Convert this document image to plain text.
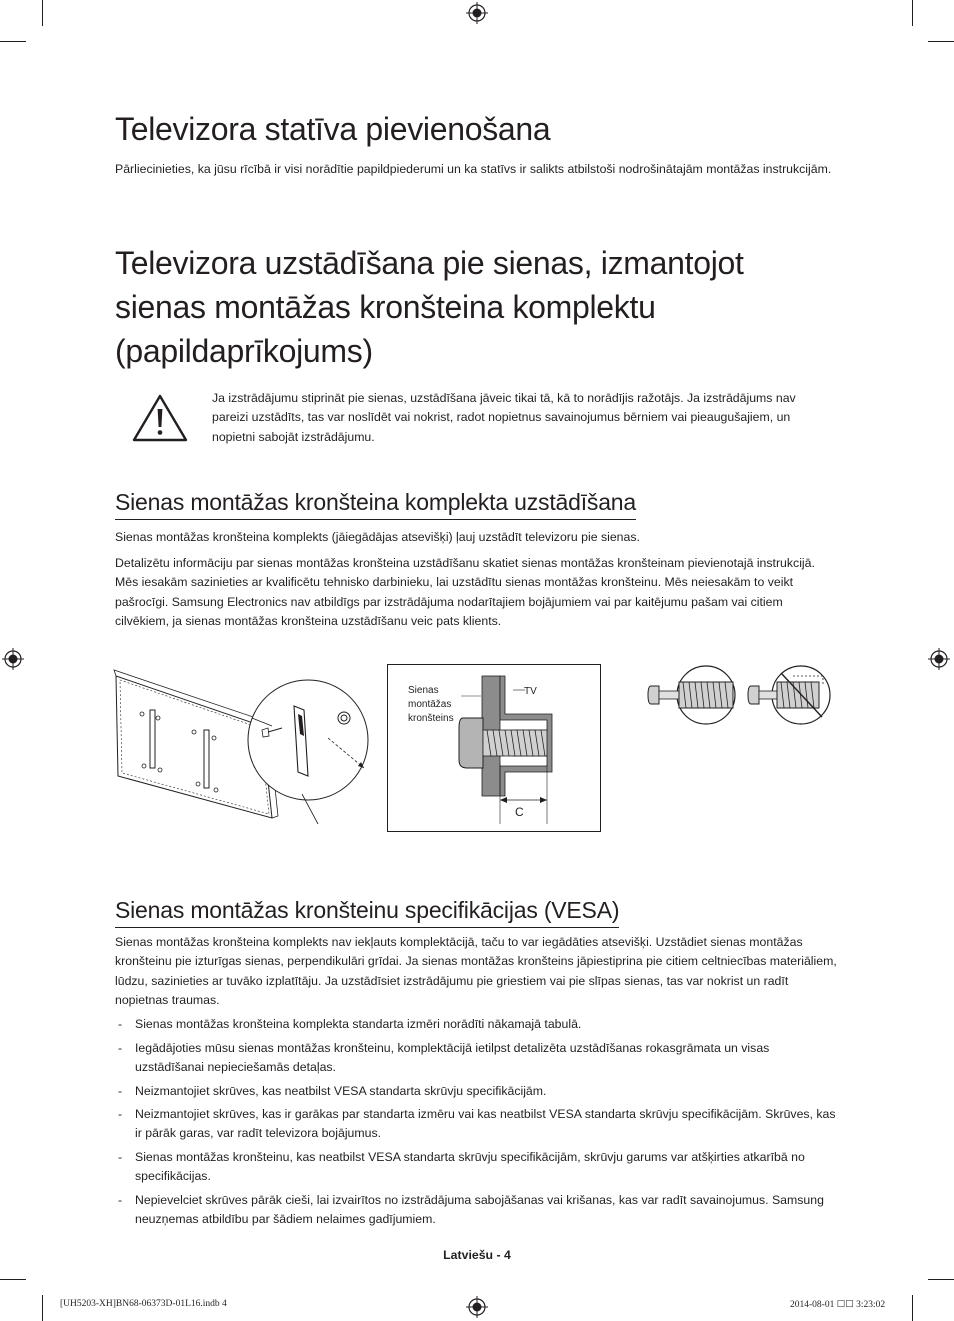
Televizora statīva pievienošana

Pārliecinieties, ka jūsu rīcībā ir visi norādītie papildpiederumi un ka statīvs ir salikts atbilstoši nodrošinātajām montāžas instrukcijām.

Televizora uzstādīšana pie sienas, izmantojot
sienas montāžas kronšteina komplektu
(papildaprīkojums)

Ja izstrādājumu stiprināt pie sienas, uzstādīšana jāveic tikai tā, kā to norādījis ražotājs. Ja izstrādājums nav pareizi uzstādīts, tas var noslīdēt vai nokrist, radot nopietnus savainojumus bērniem vai pieaugušajiem, un nopietni sabojāt izstrādājumu.

Sienas montāžas kronšteina komplekta uzstādīšana

Sienas montāžas kronšteina komplekts (jāiegādājas atsevišķi) ļauj uzstādīt televizoru pie sienas.

Detalizētu informāciju par sienas montāžas kronšteina uzstādīšanu skatiet sienas montāžas kronšteinam pievienotajā instrukcijā. Mēs iesakām sazinieties ar kvalificētu tehnisko darbinieku, lai uzstādītu sienas montāžas kronšteinu. Mēs neiesakām to veikt pašrocīgi. Samsung Electronics nav atbildīgs par izstrādājuma nodarītajiem bojājumiem vai par kaitējumu pašam vai citiem cilvēkiem, ja sienas montāžas kronšteina uzstādīšanu veic pats klients.

Sienas
montāžas
kronšteins
TV
C
Sienas montāžas kronšteinu specifikācijas (VESA)

Sienas montāžas kronšteina komplekts nav iekļauts komplektācijā, taču to var iegādāties atsevišķi. Uzstādiet sienas montāžas kronšteinu pie izturīgas sienas, perpendikulāri grīdai. Ja sienas montāžas kronšteins jāpiestiprina pie citiem celtniecības materiāliem, lūdzu, sazinieties ar tuvāko izplatītāju. Ja uzstādīsiet izstrādājumu pie griestiem vai pie slīpas sienas, tas var nokrist un radīt nopietnas traumas.

- Sienas montāžas kronšteina komplekta standarta izmēri norādīti nākamajā tabulā.
- Iegādājoties mūsu sienas montāžas kronšteinu, komplektācijā ietilpst detalizēta uzstādīšanas rokasgrāmata un visas uzstādīšanai nepieciešamās detaļas.
- Neizmantojiet skrūves, kas neatbilst VESA standarta skrūvju specifikācijām.
- Neizmantojiet skrūves, kas ir garākas par standarta izmēru vai kas neatbilst VESA standarta skrūvju specifikācijām. Skrūves, kas ir pārāk garas, var radīt televizora bojājumus.
- Sienas montāžas kronšteinu, kas neatbilst VESA standarta skrūvju specifikācijām, skrūvju garums var atšķirties atkarībā no specifikācijas.
- Nepievelciet skrūves pārāk cieši, lai izvairītos no izstrādājuma sabojāšanas vai krišanas, kas var radīt savainojumus. Samsung neuzņemas atbildību par šādiem nelaimes gadījumiem.
Latviešu - 4
[UH5203-XH]BN68-06373D-01L16.indb 4	2014-08-01 ☐☐ 3:23:02
